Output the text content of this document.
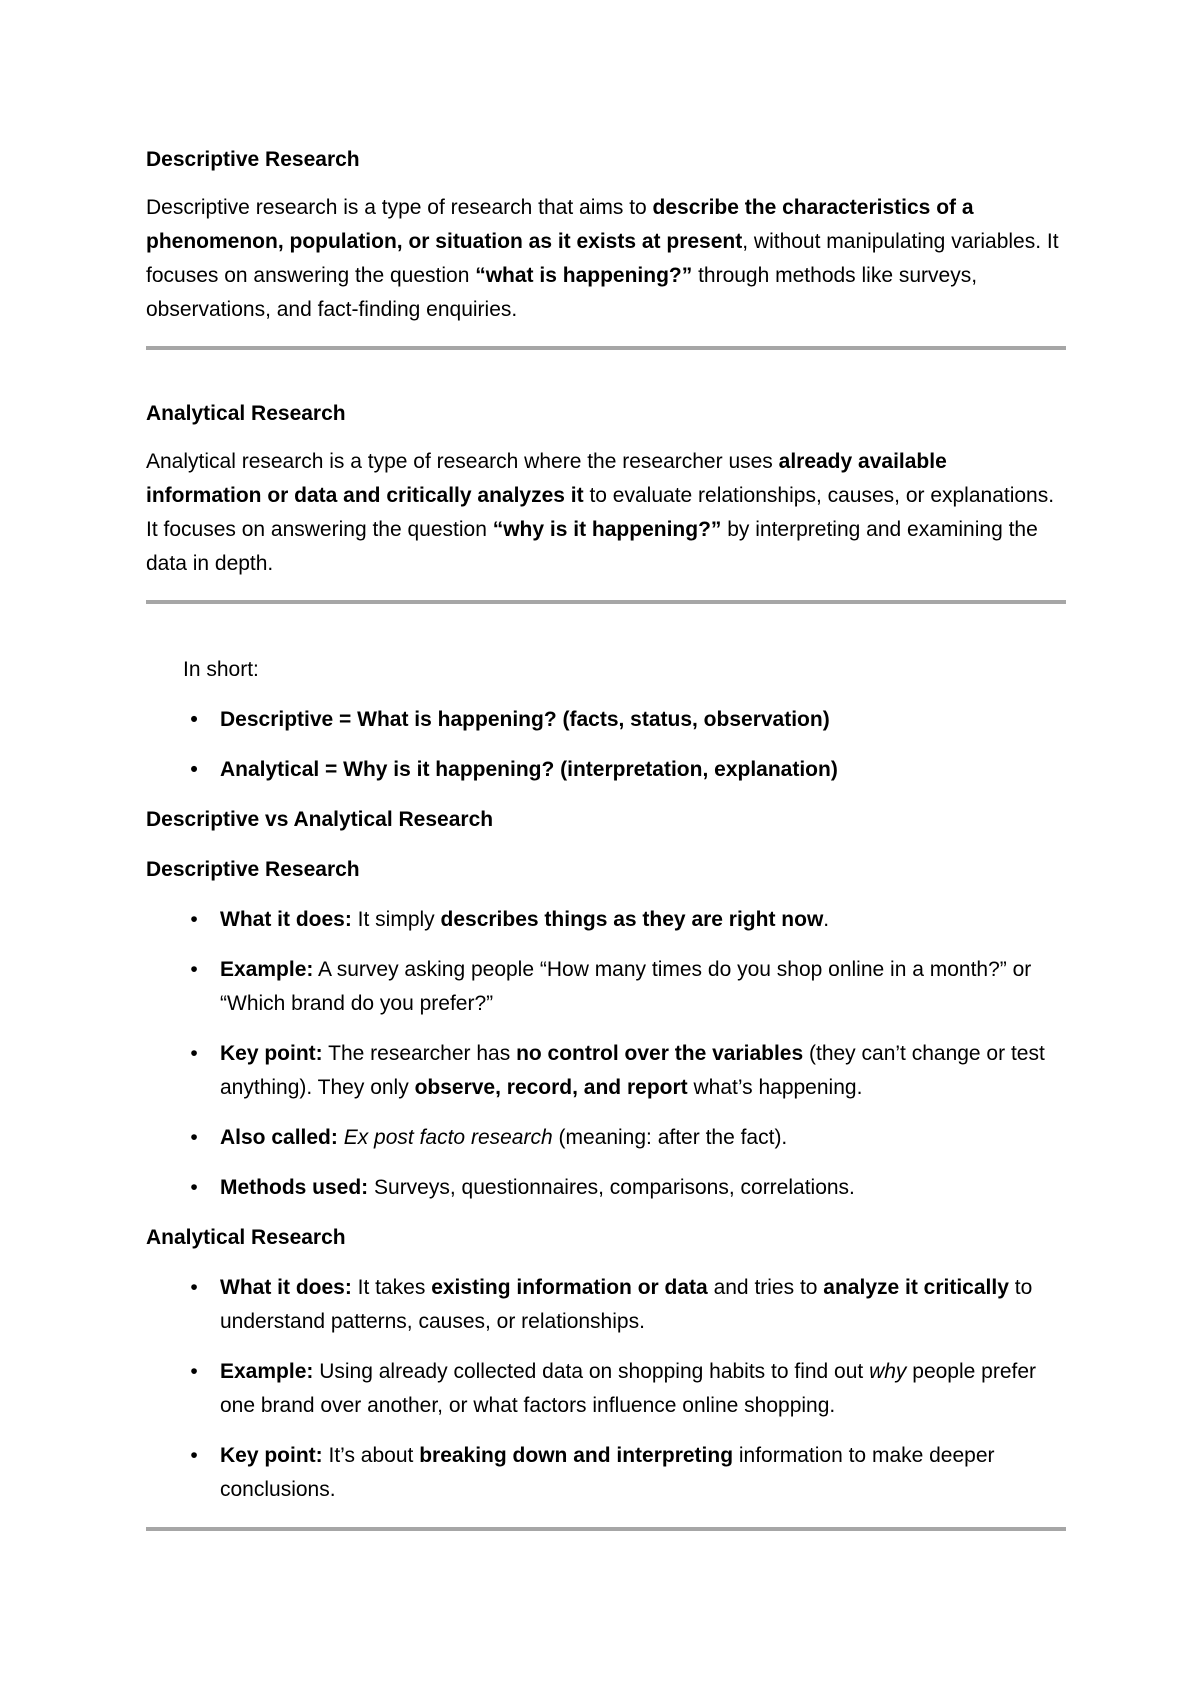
Descriptive Research

Descriptive research is a type of research that aims to describe the characteristics of a phenomenon, population, or situation as it exists at present, without manipulating variables. It focuses on answering the question “what is happening?” through methods like surveys, observations, and fact-finding enquiries.

Analytical Research

Analytical research is a type of research where the researcher uses already available information or data and critically analyzes it to evaluate relationships, causes, or explanations. It focuses on answering the question “why is it happening?” by interpreting and examining the data in depth.

In short:
•	Descriptive = What is happening? (facts, status, observation)
•	Analytical = Why is it happening? (interpretation, explanation)
Descriptive vs Analytical Research
Descriptive Research
•	What it does: It simply describes things as they are right now.
•	Example: A survey asking people “How many times do you shop online in a month?” or “Which brand do you prefer?”
•	Key point: The researcher has no control over the variables (they can’t change or test anything). They only observe, record, and report what’s happening.
•	Also called: Ex post facto research (meaning: after the fact).
•	Methods used: Surveys, questionnaires, comparisons, correlations.
Analytical Research
•	What it does: It takes existing information or data and tries to analyze it critically to understand patterns, causes, or relationships.
•	Example: Using already collected data on shopping habits to find out why people prefer one brand over another, or what factors influence online shopping.
•	Key point: It’s about breaking down and interpreting information to make deeper conclusions.
